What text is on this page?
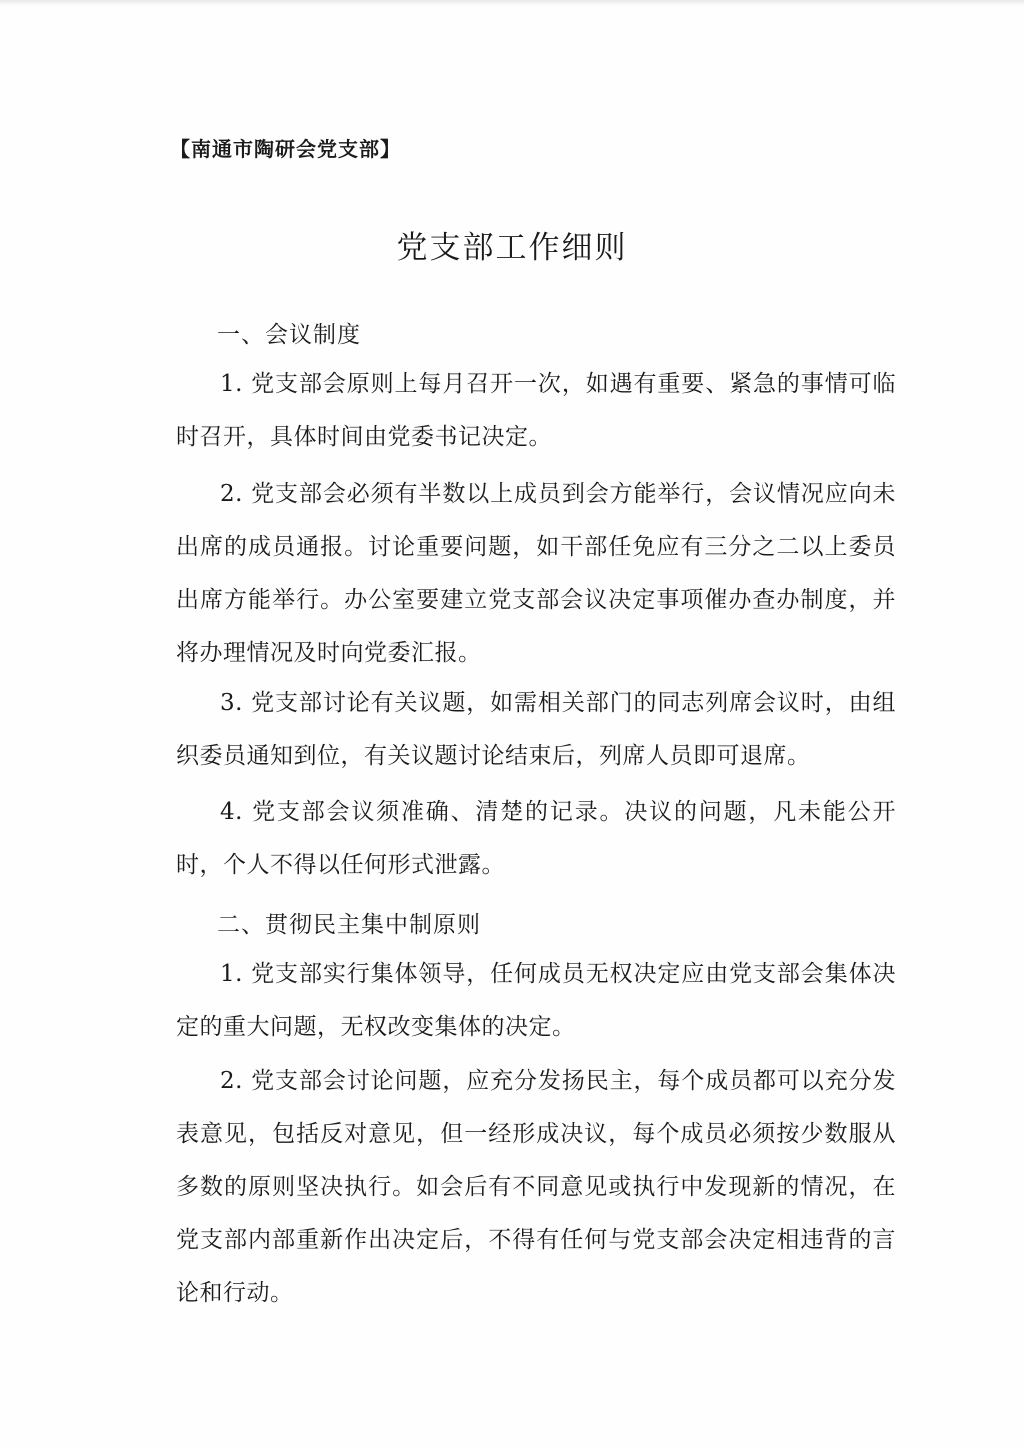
【南通市陶研会党支部】
党支部工作细则
一、会议制度

1. 党支部会原则上每月召开一次，如遇有重要、紧急的事情可临时召开，具体时间由党委书记决定。

2. 党支部会必须有半数以上成员到会方能举行，会议情况应向未出席的成员通报。讨论重要问题，如干部任免应有三分之二以上委员出席方能举行。办公室要建立党支部会议决定事项催办查办制度，并将办理情况及时向党委汇报。

3. 党支部讨论有关议题，如需相关部门的同志列席会议时，由组织委员通知到位，有关议题讨论结束后，列席人员即可退席。

4. 党支部会议须准确、清楚的记录。决议的问题，凡未能公开时，个人不得以任何形式泄露。

二、贯彻民主集中制原则

1. 党支部实行集体领导，任何成员无权决定应由党支部会集体决定的重大问题，无权改变集体的决定。

2. 党支部会讨论问题，应充分发扬民主，每个成员都可以充分发表意见，包括反对意见，但一经形成决议，每个成员必须按少数服从多数的原则坚决执行。如会后有不同意见或执行中发现新的情况，在党支部内部重新作出决定后，不得有任何与党支部会决定相违背的言论和行动。
